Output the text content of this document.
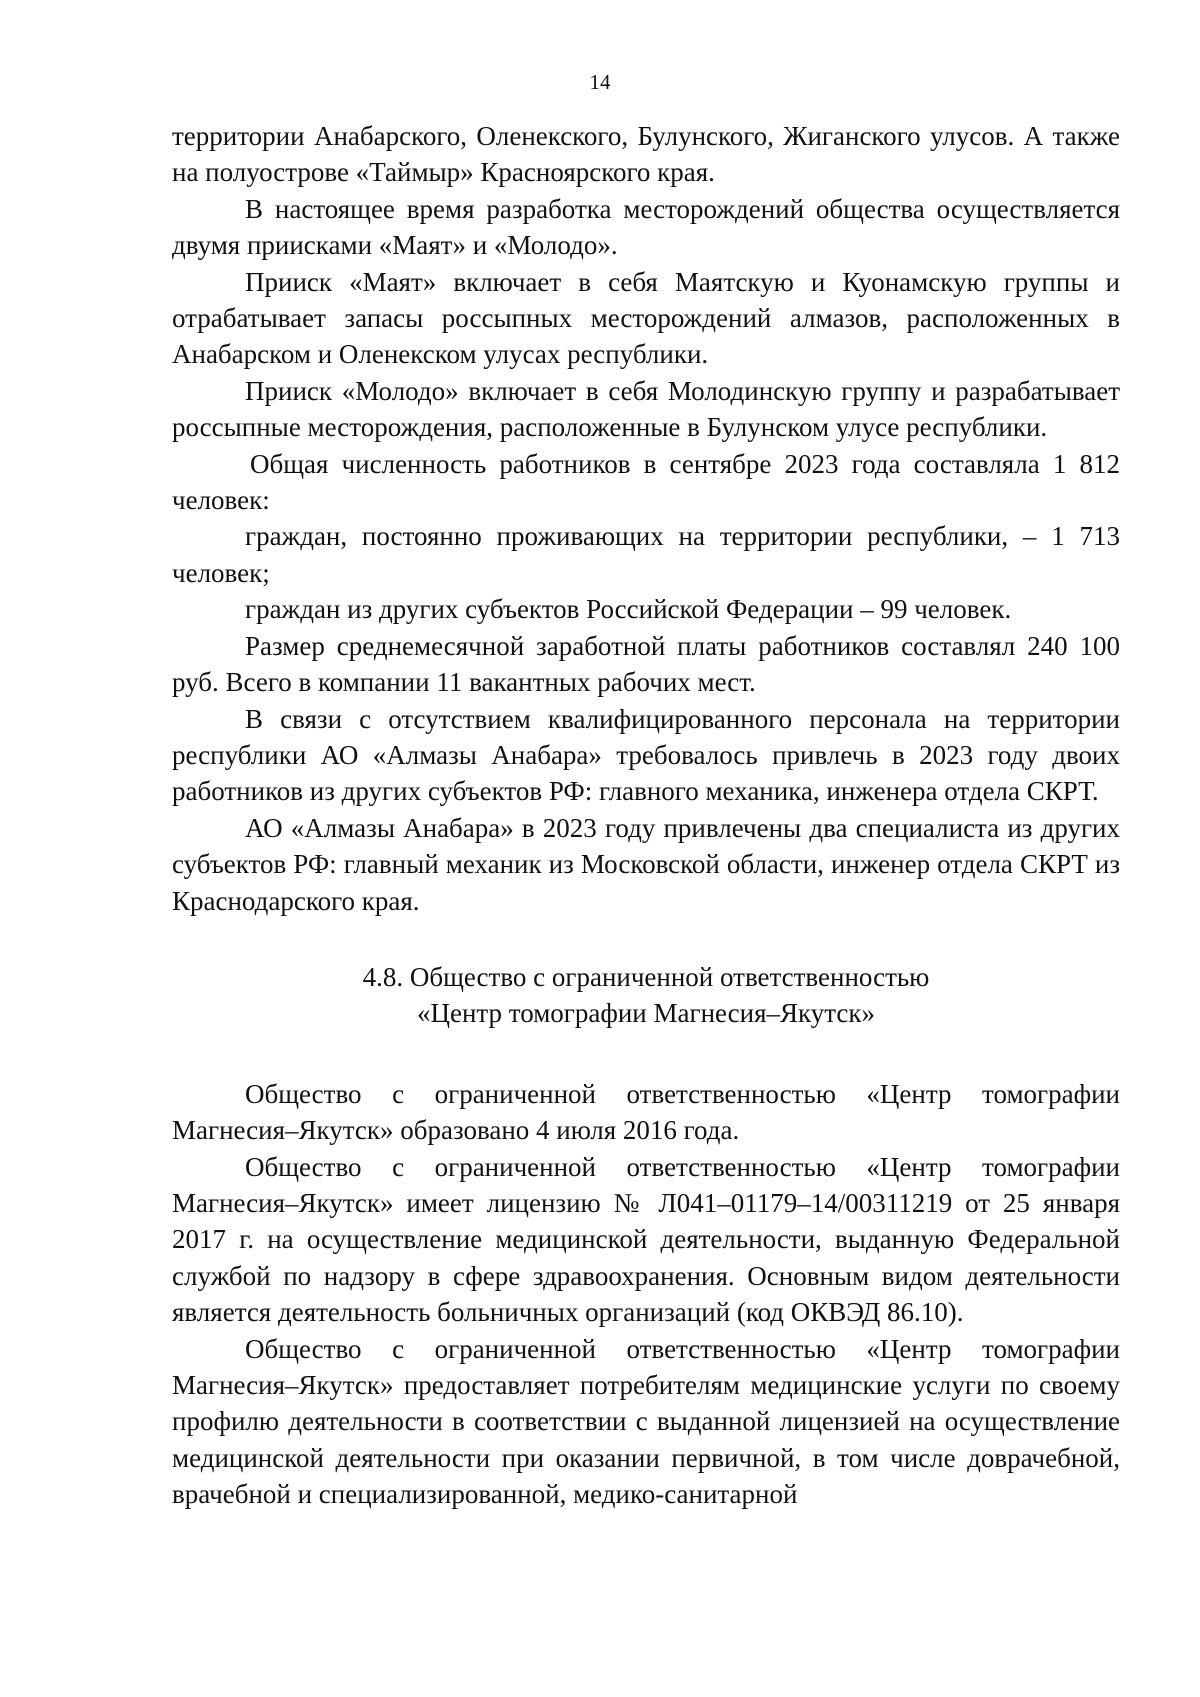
14

территории Анабарского, Оленекского, Булунского, Жиганского улусов. А также на полуострове «Таймыр» Красноярского края.

В настоящее время разработка месторождений общества осуществляется двумя приисками «Маят» и «Молодо».

Прииск «Маят» включает в себя Маятскую и Куонамскую группы и отрабатывает запасы россыпных месторождений алмазов, расположенных в Анабарском и Оленекском улусах республики.

Прииск «Молодо» включает в себя Молодинскую группу и разрабатывает россыпные месторождения, расположенные в Булунском улусе республики.

Общая численность работников в сентябре 2023 года составляла 1 812 человек:

граждан, постоянно проживающих на территории республики, – 1 713 человек;

граждан из других субъектов Российской Федерации – 99 человек.

Размер среднемесячной заработной платы работников составлял 240 100 руб. Всего в компании 11 вакантных рабочих мест.

В связи с отсутствием квалифицированного персонала на территории республики АО «Алмазы Анабара» требовалось привлечь в 2023 году двоих работников из других субъектов РФ: главного механика, инженера отдела СКРТ.

АО «Алмазы Анабара» в 2023 году привлечены два специалиста из других субъектов РФ: главный механик из Московской области, инженер отдела СКРТ из Краснодарского края.

4.8. Общество с ограниченной ответственностью
«Центр томографии Магнесия–Якутск»

Общество с ограниченной ответственностью «Центр томографии Магнесия–Якутск» образовано 4 июля 2016 года.

Общество с ограниченной ответственностью «Центр томографии Магнесия–Якутск» имеет лицензию № Л041–01179–14/00311219 от 25 января 2017 г. на осуществление медицинской деятельности, выданную Федеральной службой по надзору в сфере здравоохранения. Основным видом деятельности является деятельность больничных организаций (код ОКВЭД 86.10).

Общество с ограниченной ответственностью «Центр томографии Магнесия–Якутск» предоставляет потребителям медицинские услуги по своему профилю деятельности в соответствии с выданной лицензией на осуществление медицинской деятельности при оказании первичной, в том числе доврачебной, врачебной и специализированной, медико-санитарной
